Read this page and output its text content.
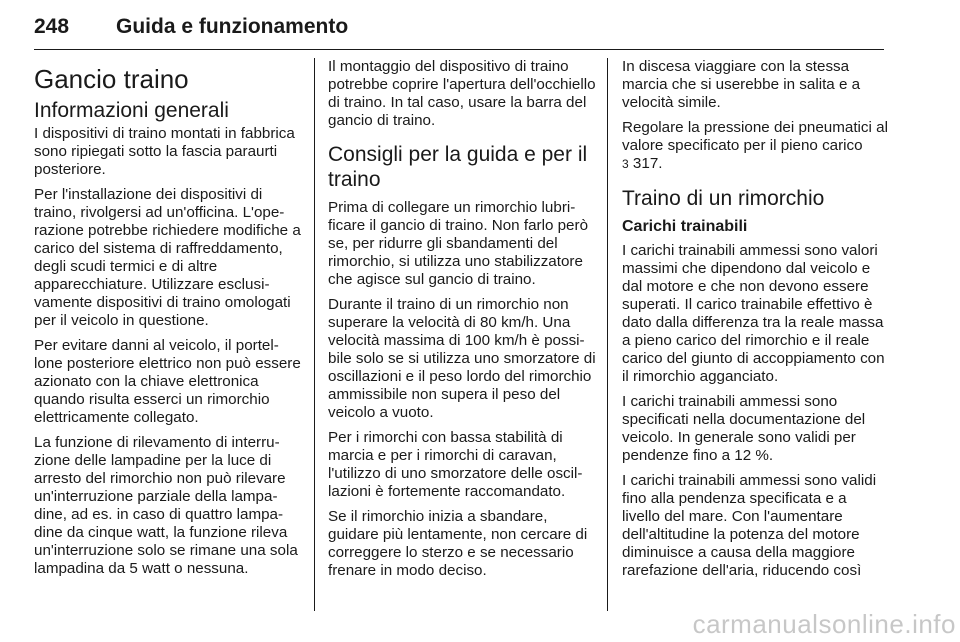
248 Guida e funzionamento
Gancio traino
Informazioni generali

I dispositivi di traino montati in fabbrica sono ripiegati sotto la fascia paraurti posteriore.

Per l'installazione dei dispositivi di traino, rivolgersi ad un'officina. L'operazione potrebbe richiedere modifiche a carico del sistema di raffreddamento, degli scudi termici e di altre apparecchiature. Utilizzare esclusivamente dispositivi di traino omologati per il veicolo in questione.

Per evitare danni al veicolo, il portellone posteriore elettrico non può essere azionato con la chiave elettronica quando risulta esserci un rimorchio elettricamente collegato.

La funzione di rilevamento di interruzione delle lampadine per la luce di arresto del rimorchio non può rilevare un'interruzione parziale della lampadine, ad es. in caso di quattro lampadine da cinque watt, la funzione rileva un'interruzione solo se rimane una sola lampadina da 5 watt o nessuna.

Il montaggio del dispositivo di traino potrebbe coprire l'apertura dell'occhiello di traino. In tal caso, usare la barra del gancio di traino.

Consigli per la guida e per il traino

Prima di collegare un rimorchio lubrificare il gancio di traino. Non farlo però se, per ridurre gli sbandamenti del rimorchio, si utilizza uno stabilizzatore che agisce sul gancio di traino.

Durante il traino di un rimorchio non superare la velocità di 80 km/h. Una velocità massima di 100 km/h è possibile solo se si utilizza uno smorzatore di oscillazioni e il peso lordo del rimorchio ammissibile non supera il peso del veicolo a vuoto.

Per i rimorchi con bassa stabilità di marcia e per i rimorchi di caravan, l'utilizzo di uno smorzatore delle oscillazioni è fortemente raccomandato.

Se il rimorchio inizia a sbandare, guidare più lentamente, non cercare di correggere lo sterzo e se necessario frenare in modo deciso.

In discesa viaggiare con la stessa marcia che si userebbe in salita e a velocità simile.

Regolare la pressione dei pneumatici al valore specificato per il pieno carico
3 317.

Traino di un rimorchio
Carichi trainabili

I carichi trainabili ammessi sono valori massimi che dipendono dal veicolo e dal motore e che non devono essere superati. Il carico trainabile effettivo è dato dalla differenza tra la reale massa a pieno carico del rimorchio e il reale carico del giunto di accoppiamento con il rimorchio agganciato.

I carichi trainabili ammessi sono specificati nella documentazione del veicolo. In generale sono validi per pendenze fino a 12 %.

I carichi trainabili ammessi sono validi fino alla pendenza specificata e a livello del mare. Con l'aumentare dell'altitudine la potenza del motore diminuisce a causa della maggiore rarefazione dell'aria, riducendo così

carmanualsonline.info
